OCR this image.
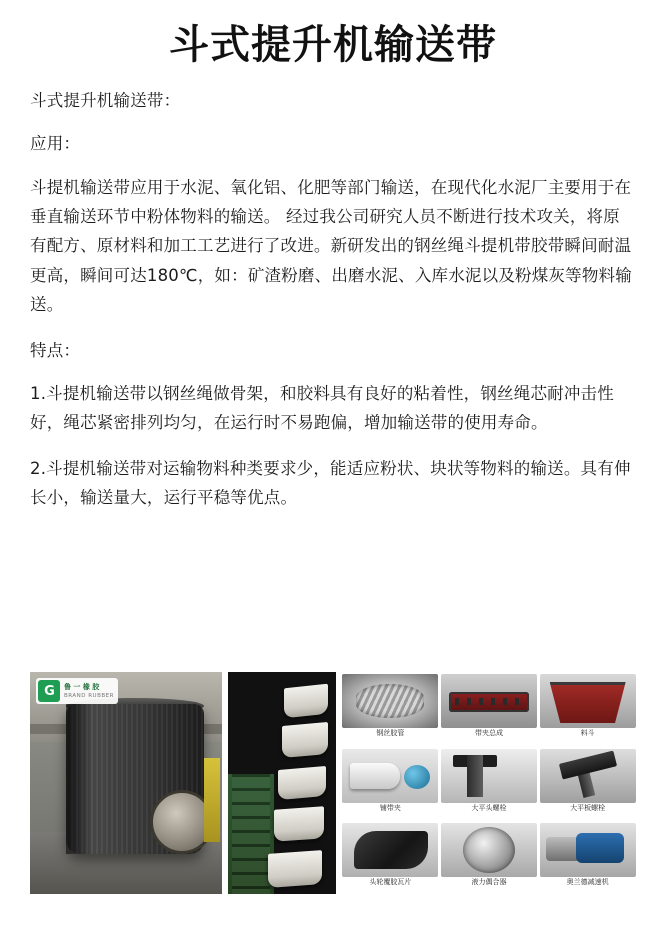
斗式提升机输送带

斗式提升机输送带：

应用：

斗提机输送带应用于水泥、氧化铝、化肥等部门输送，在现代化水泥厂主要用于在垂直输送环节中粉体物料的输送。 经过我公司研究人员不断进行技术攻关，将原有配方、原材料和加工工艺进行了改进。新研发出的钢丝绳斗提机带胶带瞬间耐温更高，瞬间可达180℃，如：矿渣粉磨、出磨水泥、入库水泥以及粉煤灰等物料输送。

特点：

1.斗提机输送带以钢丝绳做骨架，和胶料具有良好的粘着性，钢丝绳芯耐冲击性好，绳芯紧密排列均匀，在运行时不易跑偏，增加输送带的使用寿命。

2.斗提机输送带对运输物料种类要求少，能适应粉状、块状等物料的输送。具有伸长小，输送量大，运行平稳等优点。

G	鲁 一 橡 胶
BRAND RUBBER
钢丝胶管	带夹总成	料斗
铺带夹	大平头螺栓	大平板螺栓
头轮覆胶瓦片	液力偶合器	奥兰德减速机
